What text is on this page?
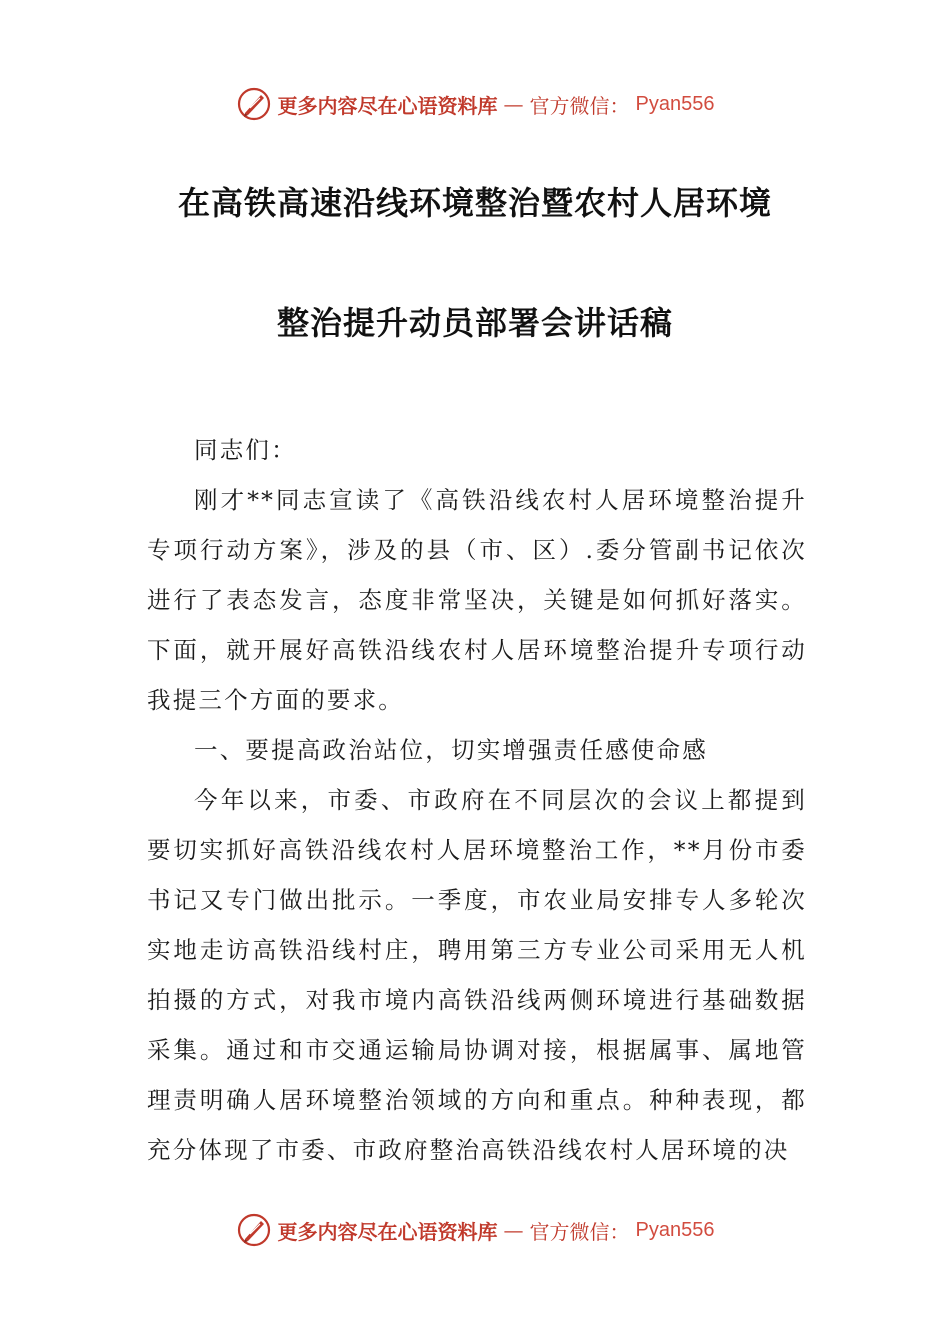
更多内容尽在心语资料库 — 官方微信： Pyan556
在高铁高速沿线环境整治暨农村人居环境
整治提升动员部署会讲话稿

同志们：

刚才**同志宣读了《高铁沿线农村人居环境整治提升专项行动方案》，涉及的县（市、区）.委分管副书记依次进行了表态发言，态度非常坚决，关键是如何抓好落实。下面，就开展好高铁沿线农村人居环境整治提升专项行动我提三个方面的要求。

一、要提高政治站位，切实增强责任感使命感

今年以来，市委、市政府在不同层次的会议上都提到要切实抓好高铁沿线农村人居环境整治工作，**月份市委书记又专门做出批示。一季度，市农业局安排专人多轮次实地走访高铁沿线村庄，聘用第三方专业公司采用无人机拍摄的方式，对我市境内高铁沿线两侧环境进行基础数据采集。通过和市交通运输局协调对接，根据属事、属地管理责明确人居环境整治领域的方向和重点。种种表现，都充分体现了市委、市政府整治高铁沿线农村人居环境的决

更多内容尽在心语资料库 — 官方微信： Pyan556
